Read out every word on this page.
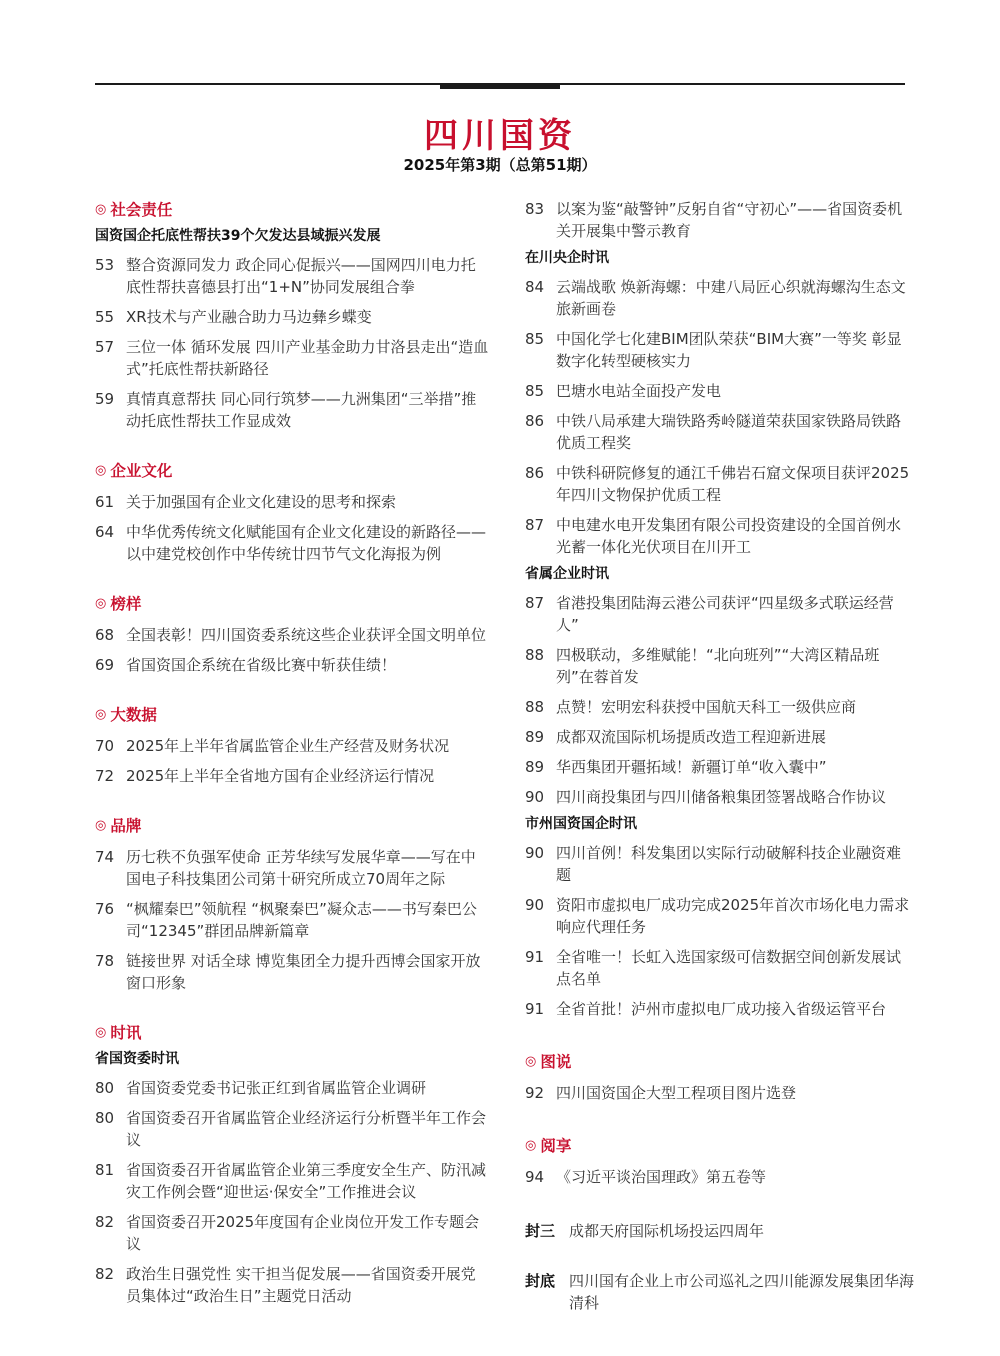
四川国资
2025年第3期（总第51期）
◎ 社会责任
国资国企托底性帮扶39个欠发达县域振兴发展
53 整合资源同发力 政企同心促振兴——国网四川电力托底性帮扶喜德县打出“1+N”协同发展组合拳
55 XR技术与产业融合助力马边彝乡蝶变
57 三位一体 循环发展 四川产业基金助力甘洛县走出“造血式”托底性帮扶新路径
59 真情真意帮扶 同心同行筑梦——九洲集团“三举措”推动托底性帮扶工作显成效
◎ 企业文化
61 关于加强国有企业文化建设的思考和探索
64 中华优秀传统文化赋能国有企业文化建设的新路径——以中建党校创作中华传统廿四节气文化海报为例
◎ 榜样
68 全国表彰！四川国资委系统这些企业获评全国文明单位
69 省国资国企系统在省级比赛中斩获佳绩！
◎ 大数据
70 2025年上半年省属监管企业生产经营及财务状况
72 2025年上半年全省地方国有企业经济运行情况
◎ 品牌
74 历七秩不负强军使命 正芳华续写发展华章——写在中国电子科技集团公司第十研究所成立70周年之际
76 “枫耀秦巴”领航程 “枫聚秦巴”凝众志——书写秦巴公司“12345”群团品牌新篇章
78 链接世界 对话全球 博览集团全力提升西博会国家开放窗口形象
◎ 时讯
省国资委时讯
80 省国资委党委书记张正红到省属监管企业调研
80 省国资委召开省属监管企业经济运行分析暨半年工作会议
81 省国资委召开省属监管企业第三季度安全生产、防汛减灾工作例会暨“迎世运·保安全”工作推进会议
82 省国资委召开2025年度国有企业岗位开发工作专题会议
82 政治生日强党性 实干担当促发展——省国资委开展党员集体过“政治生日”主题党日活动
83 以案为鉴“敲警钟”反躬自省“守初心”——省国资委机关开展集中警示教育
在川央企时讯
84 云端战歌 焕新海螺：中建八局匠心织就海螺沟生态文旅新画卷
85 中国化学七化建BIM团队荣获“BIM大赛”一等奖 彰显数字化转型硬核实力
85 巴塘水电站全面投产发电
86 中铁八局承建大瑞铁路秀岭隧道荣获国家铁路局铁路优质工程奖
86 中铁科研院修复的通江千佛岩石窟文保项目获评2025年四川文物保护优质工程
87 中电建水电开发集团有限公司投资建设的全国首例水光蓄一体化光伏项目在川开工
省属企业时讯
87 省港投集团陆海云港公司获评“四星级多式联运经营人”
88 四极联动，多维赋能！“北向班列”“大湾区精品班列”在蓉首发
88 点赞！宏明宏科获授中国航天科工一级供应商
89 成都双流国际机场提质改造工程迎新进展
89 华西集团开疆拓域！新疆订单“收入囊中”
90 四川商投集团与四川储备粮集团签署战略合作协议
市州国资国企时讯
90 四川首例！科发集团以实际行动破解科技企业融资难题
90 资阳市虚拟电厂成功完成2025年首次市场化电力需求响应代理任务
91 全省唯一！长虹入选国家级可信数据空间创新发展试点名单
91 全省首批！泸州市虚拟电厂成功接入省级运管平台
◎ 图说
92 四川国资国企大型工程项目图片选登
◎ 阅享
94 《习近平谈治国理政》第五卷等
封三 成都天府国际机场投运四周年
封底 四川国有企业上市公司巡礼之四川能源发展集团华海清科
